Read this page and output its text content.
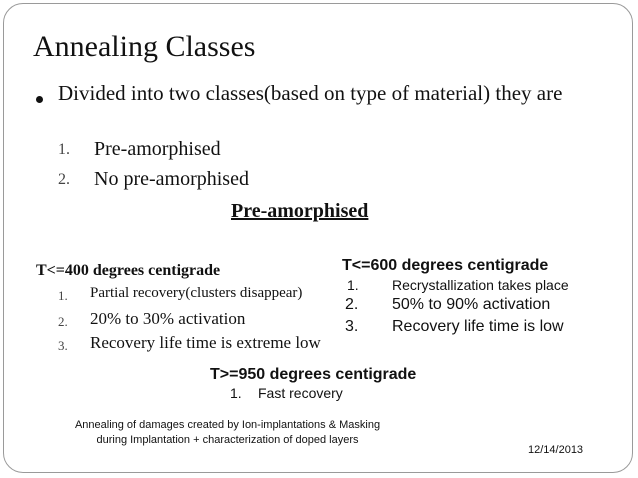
Annealing Classes
Divided into two classes(based on type of material) they are
1. Pre-amorphised
2. No pre-amorphised
Pre-amorphised
T<=400 degrees centigrade
1. Partial recovery(clusters disappear)
2. 20% to 30% activation
3. Recovery life time is extreme low
T<=600 degrees centigrade
1. Recrystallization takes place
2. 50% to 90% activation
3. Recovery life time is low
T>=950 degrees centigrade
1. Fast recovery
Annealing of damages created by Ion-implantations & Masking during Implantation + characterization of doped layers
12/14/2013
